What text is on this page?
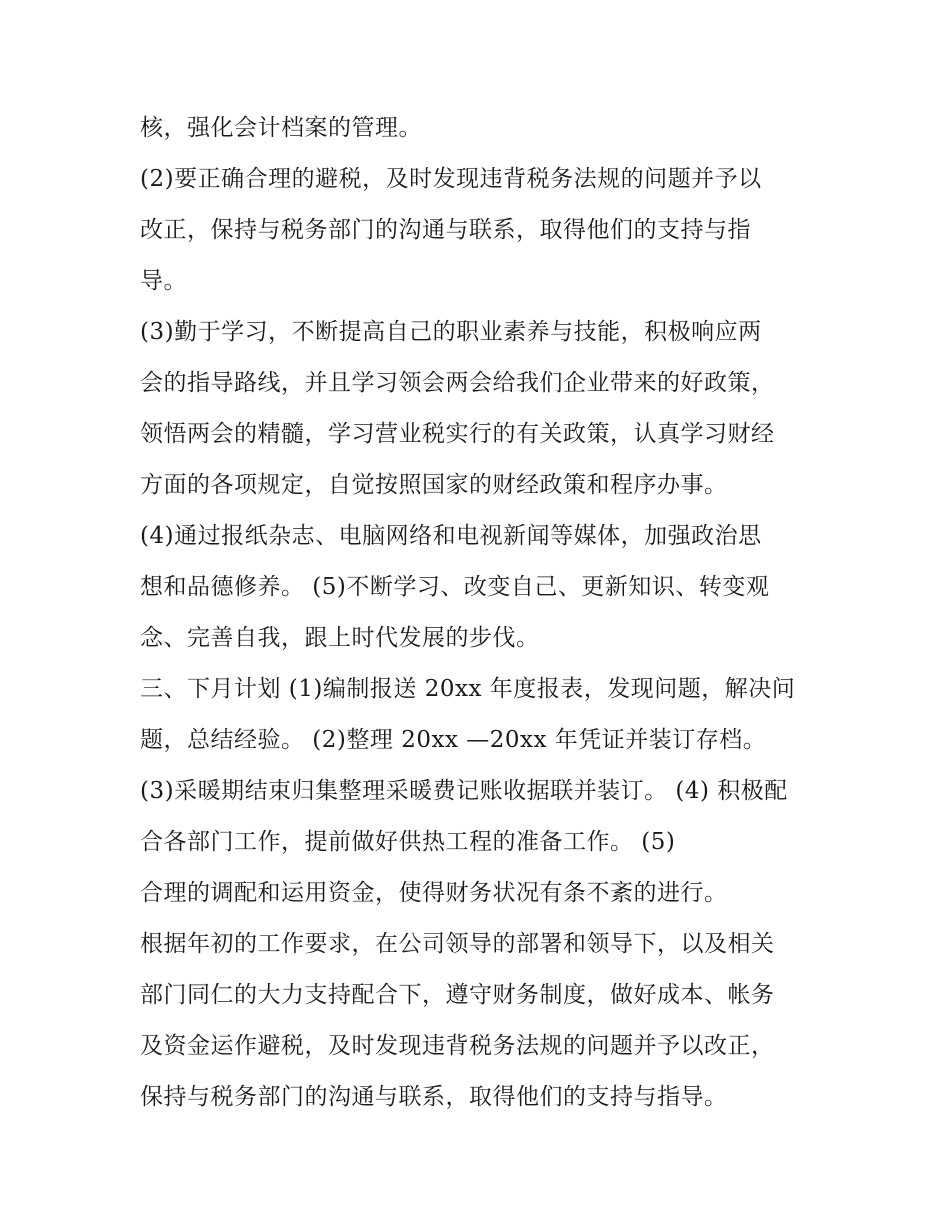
核，强化会计档案的管理。
(2)要正确合理的避税，及时发现违背税务法规的问题并予以
改正，保持与税务部门的沟通与联系，取得他们的支持与指
导。
(3)勤于学习，不断提高自己的职业素养与技能，积极响应两
会的指导路线，并且学习领会两会给我们企业带来的好政策，
领悟两会的精髓，学习营业税实行的有关政策，认真学习财经
方面的各项规定，自觉按照国家的财经政策和程序办事。
(4)通过报纸杂志、电脑网络和电视新闻等媒体，加强政治思
想和品德修养。 (5)不断学习、改变自己、更新知识、转变观
念、完善自我，跟上时代发展的步伐。
三、下月计划 (1)编制报送 20xx 年度报表，发现问题，解决问
题，总结经验。 (2)整理 20xx —20xx 年凭证并装订存档。
(3)采暖期结束归集整理采暖费记账收据联并装订。 (4) 积极配
合各部门工作，提前做好供热工程的准备工作。 (5)
合理的调配和运用资金，使得财务状况有条不紊的进行。
根据年初的工作要求，在公司领导的部署和领导下，以及相关
部门同仁的大力支持配合下，遵守财务制度，做好成本、帐务
及资金运作避税，及时发现违背税务法规的问题并予以改正，
保持与税务部门的沟通与联系，取得他们的支持与指导。
